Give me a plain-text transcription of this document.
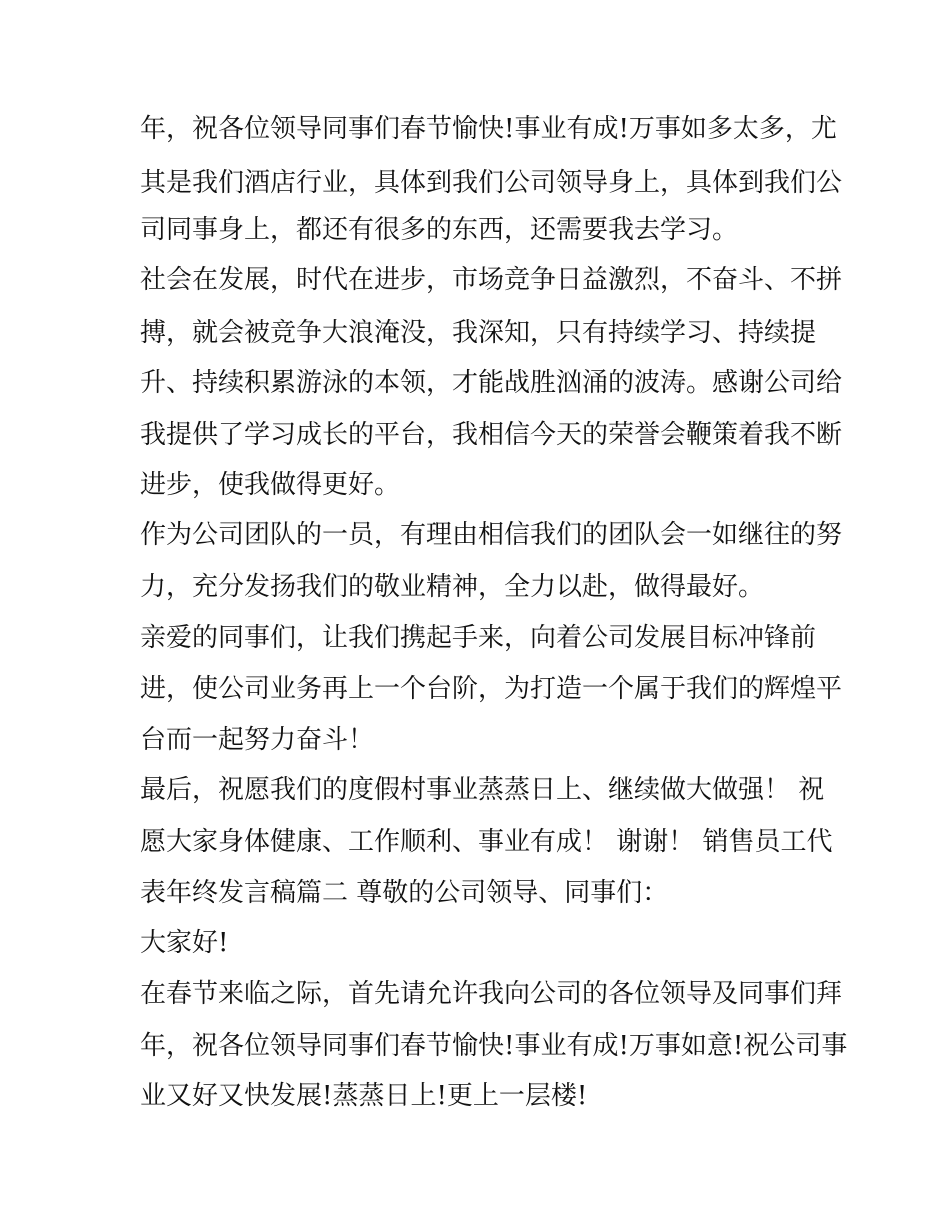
年，祝各位领导同事们春节愉快!事业有成!万事如多太多，尤
其是我们酒店行业，具体到我们公司领导身上，具体到我们公
司同事身上，都还有很多的东西，还需要我去学习。
社会在发展，时代在进步，市场竞争日益激烈，不奋斗、不拼
搏，就会被竞争大浪淹没，我深知，只有持续学习、持续提
升、持续积累游泳的本领，才能战胜汹涌的波涛。感谢公司给
我提供了学习成长的平台，我相信今天的荣誉会鞭策着我不断
进步，使我做得更好。
作为公司团队的一员，有理由相信我们的团队会一如继往的努
力，充分发扬我们的敬业精神，全力以赴，做得最好。
亲爱的同事们，让我们携起手来，向着公司发展目标冲锋前
进，使公司业务再上一个台阶，为打造一个属于我们的辉煌平
台而一起努力奋斗！
最后，祝愿我们的度假村事业蒸蒸日上、继续做大做强！ 祝
愿大家身体健康、工作顺利、事业有成！ 谢谢！ 销售员工代
表年终发言稿篇二 尊敬的公司领导、同事们：
大家好!
在春节来临之际，首先请允许我向公司的各位领导及同事们拜
年，祝各位领导同事们春节愉快!事业有成!万事如意!祝公司事
业又好又快发展!蒸蒸日上!更上一层楼!
